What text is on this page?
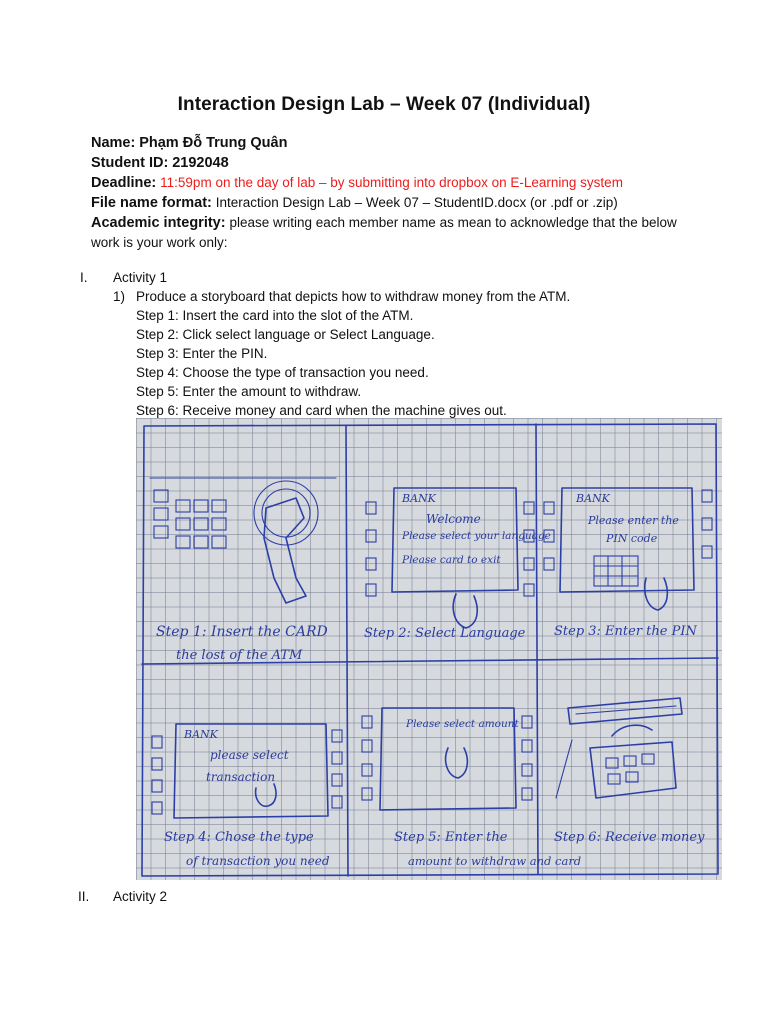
Interaction Design Lab – Week 07 (Individual)
Name: Phạm Đỗ Trung Quân
Student ID: 2192048
Deadline: 11:59pm on the day of lab – by submitting into dropbox on E-Learning system
File name format: Interaction Design Lab – Week 07 – StudentID.docx (or .pdf or .zip)
Academic integrity: please writing each member name as mean to acknowledge that the below
work is your work only:
I. Activity 1
1) Produce a storyboard that depicts how to withdraw money from the ATM.
Step 1: Insert the card into the slot of the ATM.
Step 2: Click select language or Select Language.
Step 3: Enter the PIN.
Step 4: Choose the type of transaction you need.
Step 5: Enter the amount to withdraw.
Step 6: Receive money and card when the machine gives out.
BANK
Welcome
Please select your language
Please card to exit
BANK
Please enter the
PIN code
BANK
please select
transaction
Please select amount
Step 1: Insert the CARD
the lost of the ATM
Step 2: Select Language Step 3: Enter the PIN
Step 4: Chose the type
of transaction you need
Step 5: Enter the
amount to withdraw and card
Step 6: Receive money
II. Activity 2
